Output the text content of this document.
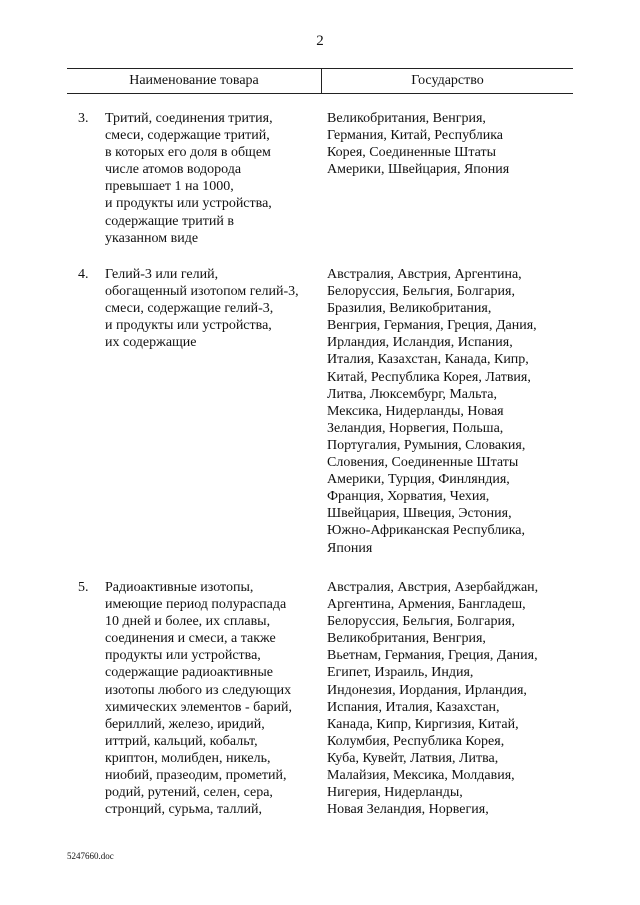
2
Наименование товара	Государство
3. Тритий, соединения трития,
смеси, содержащие тритий,
в которых его доля в общем
числе атомов водорода
превышает 1 на 1000,
и продукты или устройства,
содержащие тритий в
указанном виде
Великобритания, Венгрия,
Германия, Китай, Республика
Корея, Соединенные Штаты
Америки, Швейцария, Япония
4. Гелий-3 или гелий,
обогащенный изотопом гелий-3,
смеси, содержащие гелий-3,
и продукты или устройства,
их содержащие
Австралия, Австрия, Аргентина,
Белоруссия, Бельгия, Болгария,
Бразилия, Великобритания,
Венгрия, Германия, Греция, Дания,
Ирландия, Исландия, Испания,
Италия, Казахстан, Канада, Кипр,
Китай, Республика Корея, Латвия,
Литва, Люксембург, Мальта,
Мексика, Нидерланды, Новая
Зеландия, Норвегия, Польша,
Португалия, Румыния, Словакия,
Словения, Соединенные Штаты
Америки, Турция, Финляндия,
Франция, Хорватия, Чехия,
Швейцария, Швеция, Эстония,
Южно-Африканская Республика,
Япония
5. Радиоактивные изотопы,
имеющие период полураспада
10 дней и более, их сплавы,
соединения и смеси, а также
продукты или устройства,
содержащие радиоактивные
изотопы любого из следующих
химических элементов - барий,
бериллий, железо, иридий,
иттрий, кальций, кобальт,
криптон, молибден, никель,
ниобий, празеодим, прометий,
родий, рутений, селен, сера,
стронций, сурьма, таллий,
Австралия, Австрия, Азербайджан,
Аргентина, Армения, Бангладеш,
Белоруссия, Бельгия, Болгария,
Великобритания, Венгрия,
Вьетнам, Германия, Греция, Дания,
Египет, Израиль, Индия,
Индонезия, Иордания, Ирландия,
Испания, Италия, Казахстан,
Канада, Кипр, Киргизия, Китай,
Колумбия, Республика Корея,
Куба, Кувейт, Латвия, Литва,
Малайзия, Мексика, Молдавия,
Нигерия, Нидерланды,
Новая Зеландия, Норвегия,
5247660.doc
